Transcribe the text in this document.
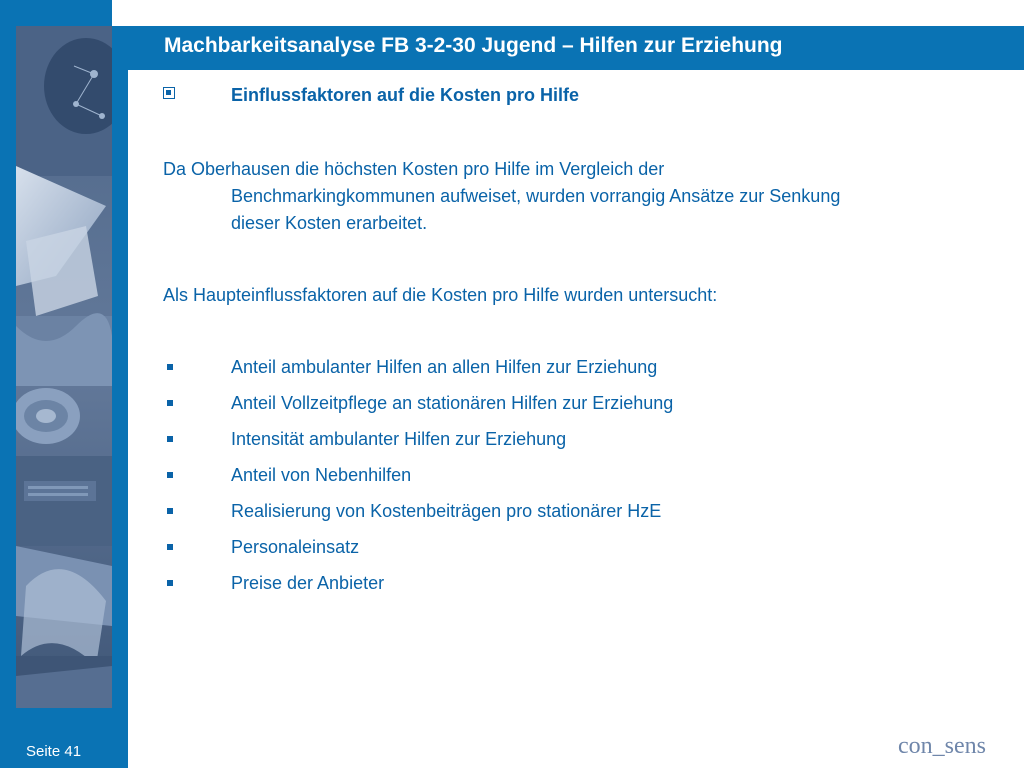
Machbarkeitsanalyse FB 3-2-30 Jugend – Hilfen zur Erziehung
Einflussfaktoren auf die Kosten pro Hilfe
Da Oberhausen die höchsten Kosten pro Hilfe im Vergleich der
Benchmarkingkommunen aufweiset, wurden vorrangig Ansätze zur Senkung
dieser Kosten erarbeitet.
Als Haupteinflussfaktoren auf die Kosten pro Hilfe wurden untersucht:
Anteil ambulanter Hilfen an allen Hilfen zur Erziehung
Anteil Vollzeitpflege an stationären Hilfen zur Erziehung
Intensität ambulanter Hilfen zur Erziehung
Anteil von Nebenhilfen
Realisierung von Kostenbeiträgen pro stationärer HzE
Personaleinsatz
Preise der Anbieter
Seite 41	con_sens
